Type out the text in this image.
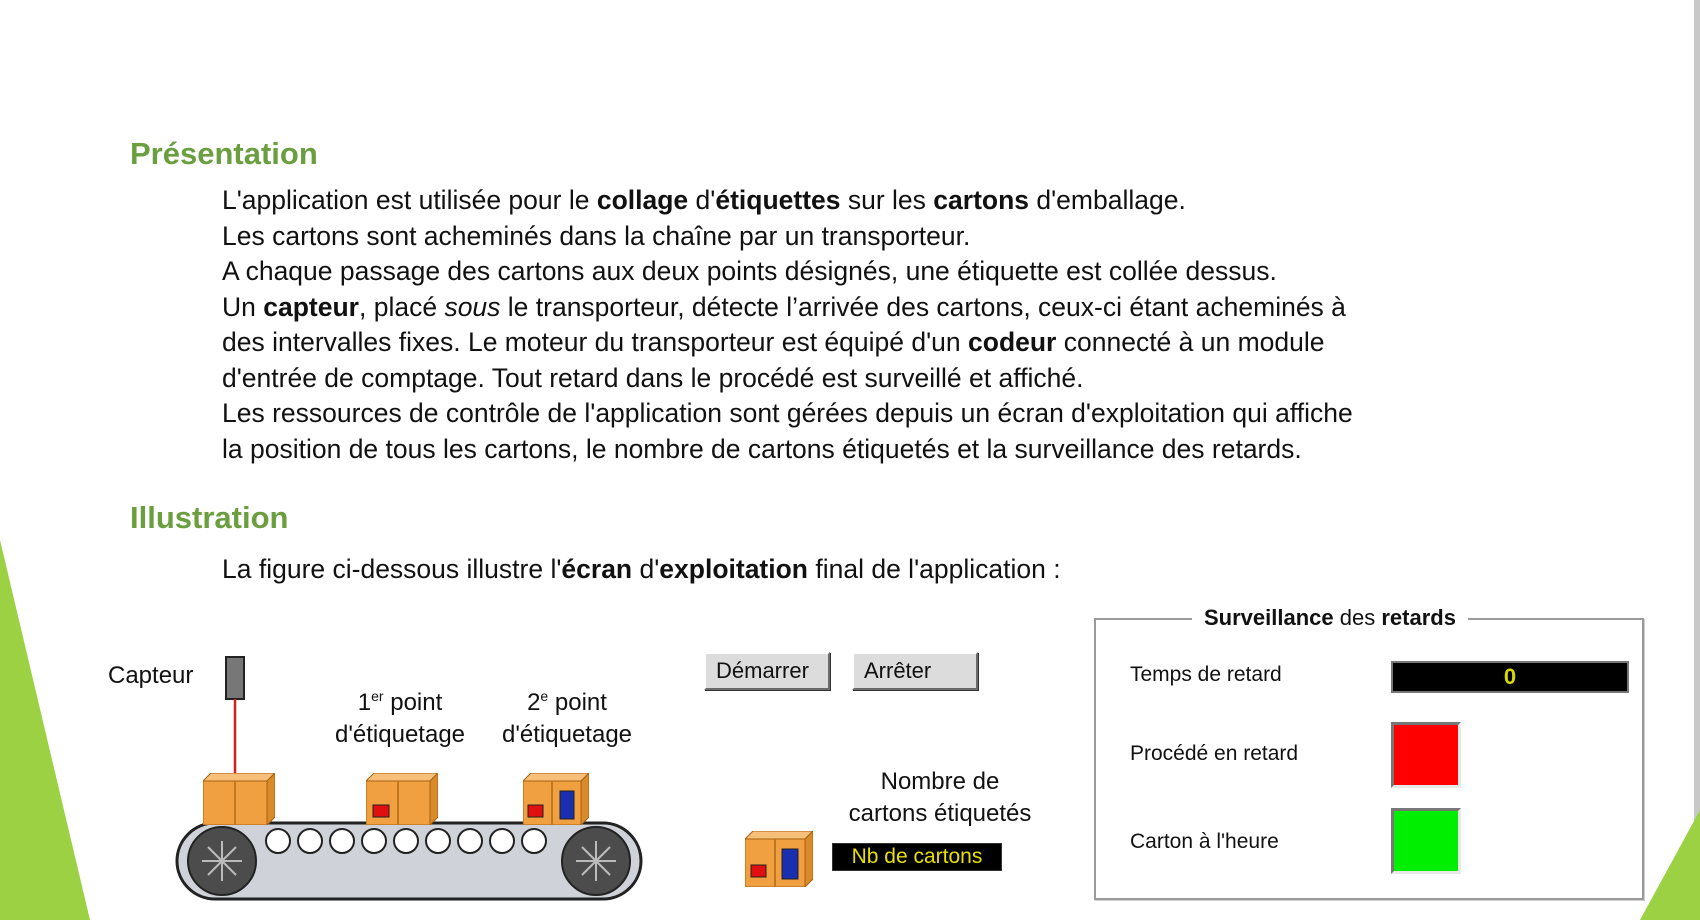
Présentation
L'application est utilisée pour le collage d'étiquettes sur les cartons d'emballage.
Les cartons sont acheminés dans la chaîne par un transporteur.
A chaque passage des cartons aux deux points désignés, une étiquette est collée dessus.
Un capteur, placé sous le transporteur, détecte l’arrivée des cartons, ceux-ci étant acheminés à
des intervalles fixes. Le moteur du transporteur est équipé d'un codeur connecté à un module
d'entrée de comptage. Tout retard dans le procédé est surveillé et affiché.
Les ressources de contrôle de l'application sont gérées depuis un écran d'exploitation qui affiche
la position de tous les cartons, le nombre de cartons étiquetés et la surveillance des retards.
Illustration
La figure ci-dessous illustre l'écran d'exploitation final de l'application :
Capteur
1er point
d'étiquetage
2e point
d'étiquetage
Démarrer	Arrêter
Nombre de
cartons étiquetés
Nb de cartons
Surveillance des retards
Temps de retard	0
Procédé en retard
Carton à l'heure
